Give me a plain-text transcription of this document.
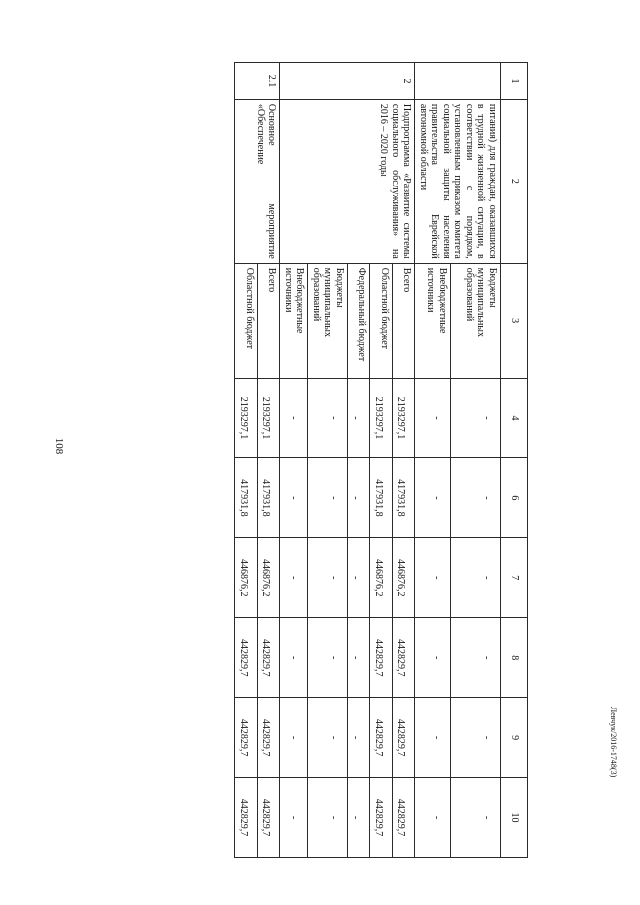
108
1	2	3	4	6	7	8	9	10
	питания) для граждан, оказавшихся в трудной жизненной ситуации, в соответствии с порядком, установленным приказом комитета социальной защиты населения правительства Еврейской автономной области	Бюджеты муниципальных образований	-	-	-	-	-	-
		Внебюджетные источники	-	-	-	-	-	-
2	Подпрограмма «Развитие системы социального обслуживания» на 2016 – 2020 годы	Всего	2193297,1	417931,8	446876,2	442829,7	442829,7	442829,7
		Областной бюджет	2193297,1	417931,8	446876,2	442829,7	442829,7	442829,7
		Федеральный бюджет	-	-	-	-	-	-
		Бюджеты муниципальных образований	-	-	-	-	-	-
		Внебюджетные источники	-	-	-	-	-	-
2.1	Основное мероприятие «Обеспечение	Всего	2193297,1	417931,8	446876,2	442829,7	442829,7	442829,7
		Областной бюджет	2193297,1	417931,8	446876,2	442829,7	442829,7	442829,7
Левчук/2016-1748(3)
